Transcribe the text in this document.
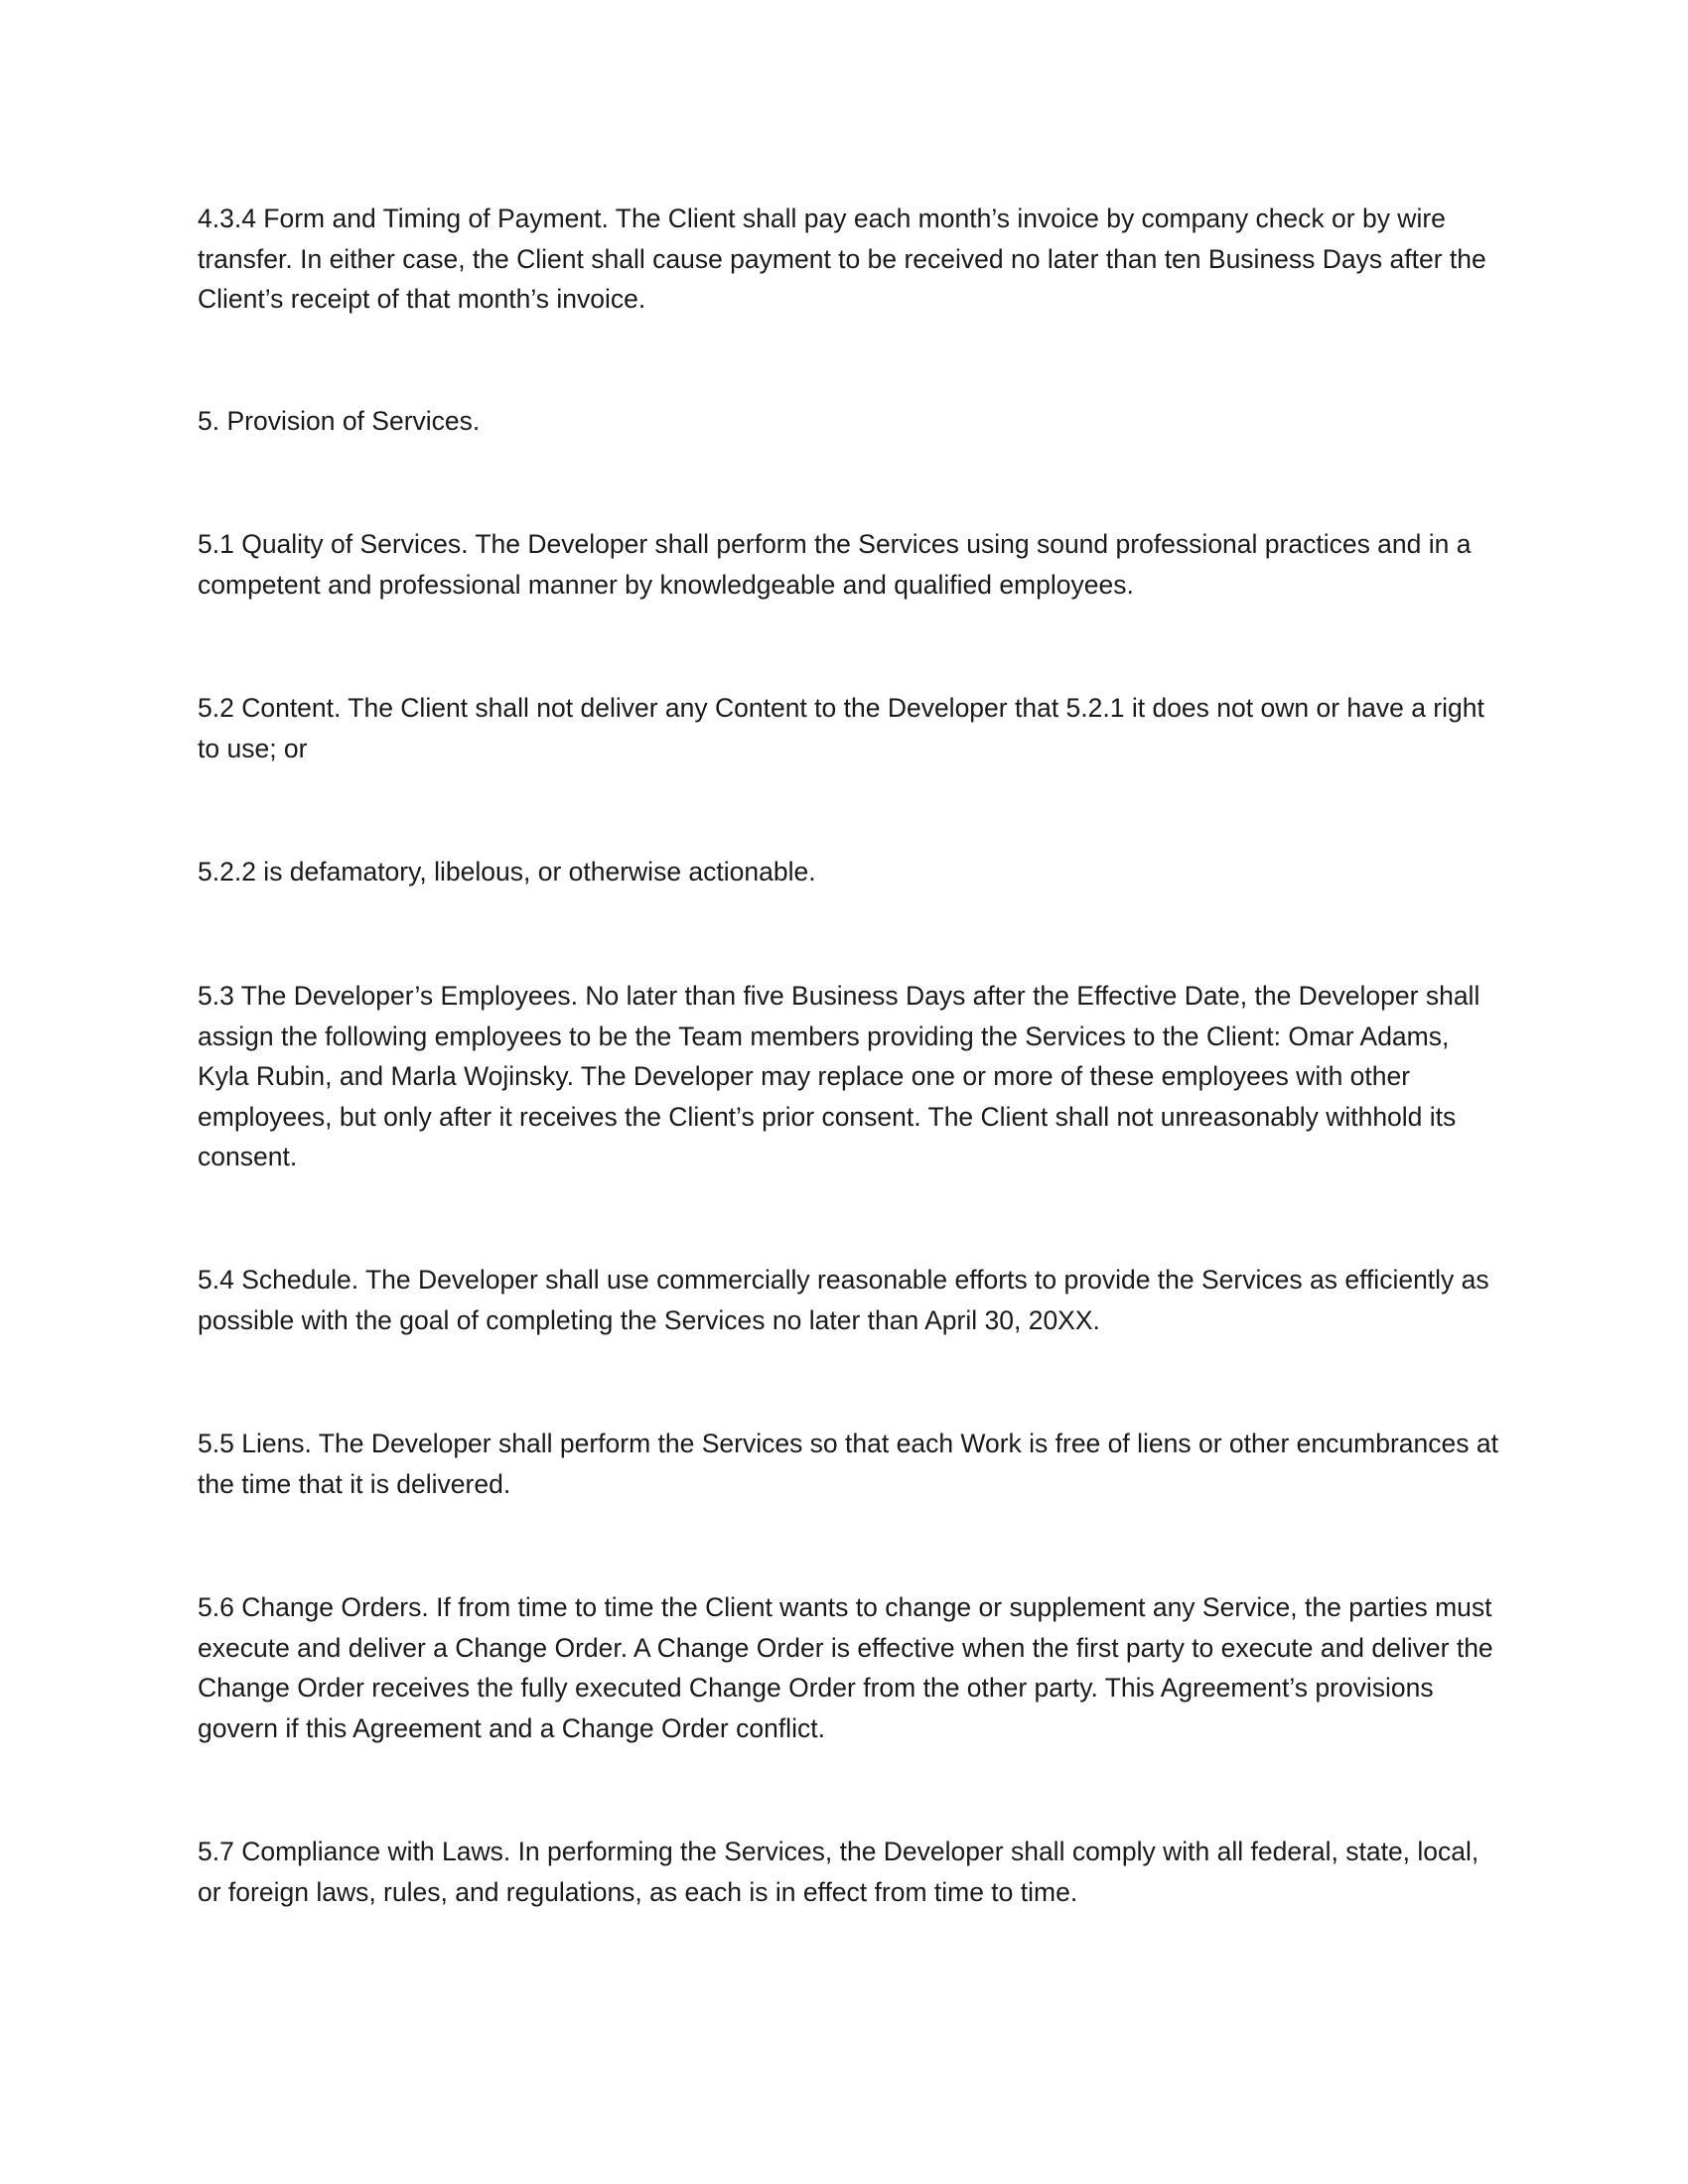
4.3.4 Form and Timing of Payment. The Client shall pay each month’s invoice by company check or by wire transfer. In either case, the Client shall cause payment to be received no later than ten Business Days after the Client’s receipt of that month’s invoice.

5. Provision of Services.

5.1 Quality of Services. The Developer shall perform the Services using sound professional practices and in a competent and professional manner by knowledgeable and qualified employees.

5.2 Content. The Client shall not deliver any Content to the Developer that 5.2.1 it does not own or have a right to use; or

5.2.2 is defamatory, libelous, or otherwise actionable.

5.3 The Developer’s Employees. No later than five Business Days after the Effective Date, the Developer shall assign the following employees to be the Team members providing the Services to the Client: Omar Adams, Kyla Rubin, and Marla Wojinsky. The Developer may replace one or more of these employees with other employees, but only after it receives the Client’s prior consent. The Client shall not unreasonably withhold its consent.

5.4 Schedule. The Developer shall use commercially reasonable efforts to provide the Services as efficiently as possible with the goal of completing the Services no later than April 30, 20XX.

5.5 Liens. The Developer shall perform the Services so that each Work is free of liens or other encumbrances at the time that it is delivered.

5.6 Change Orders. If from time to time the Client wants to change or supplement any Service, the parties must execute and deliver a Change Order. A Change Order is effective when the first party to execute and deliver the Change Order receives the fully executed Change Order from the other party. This Agreement’s provisions govern if this Agreement and a Change Order conflict.

5.7 Compliance with Laws. In performing the Services, the Developer shall comply with all federal, state, local, or foreign laws, rules, and regulations, as each is in effect from time to time.
